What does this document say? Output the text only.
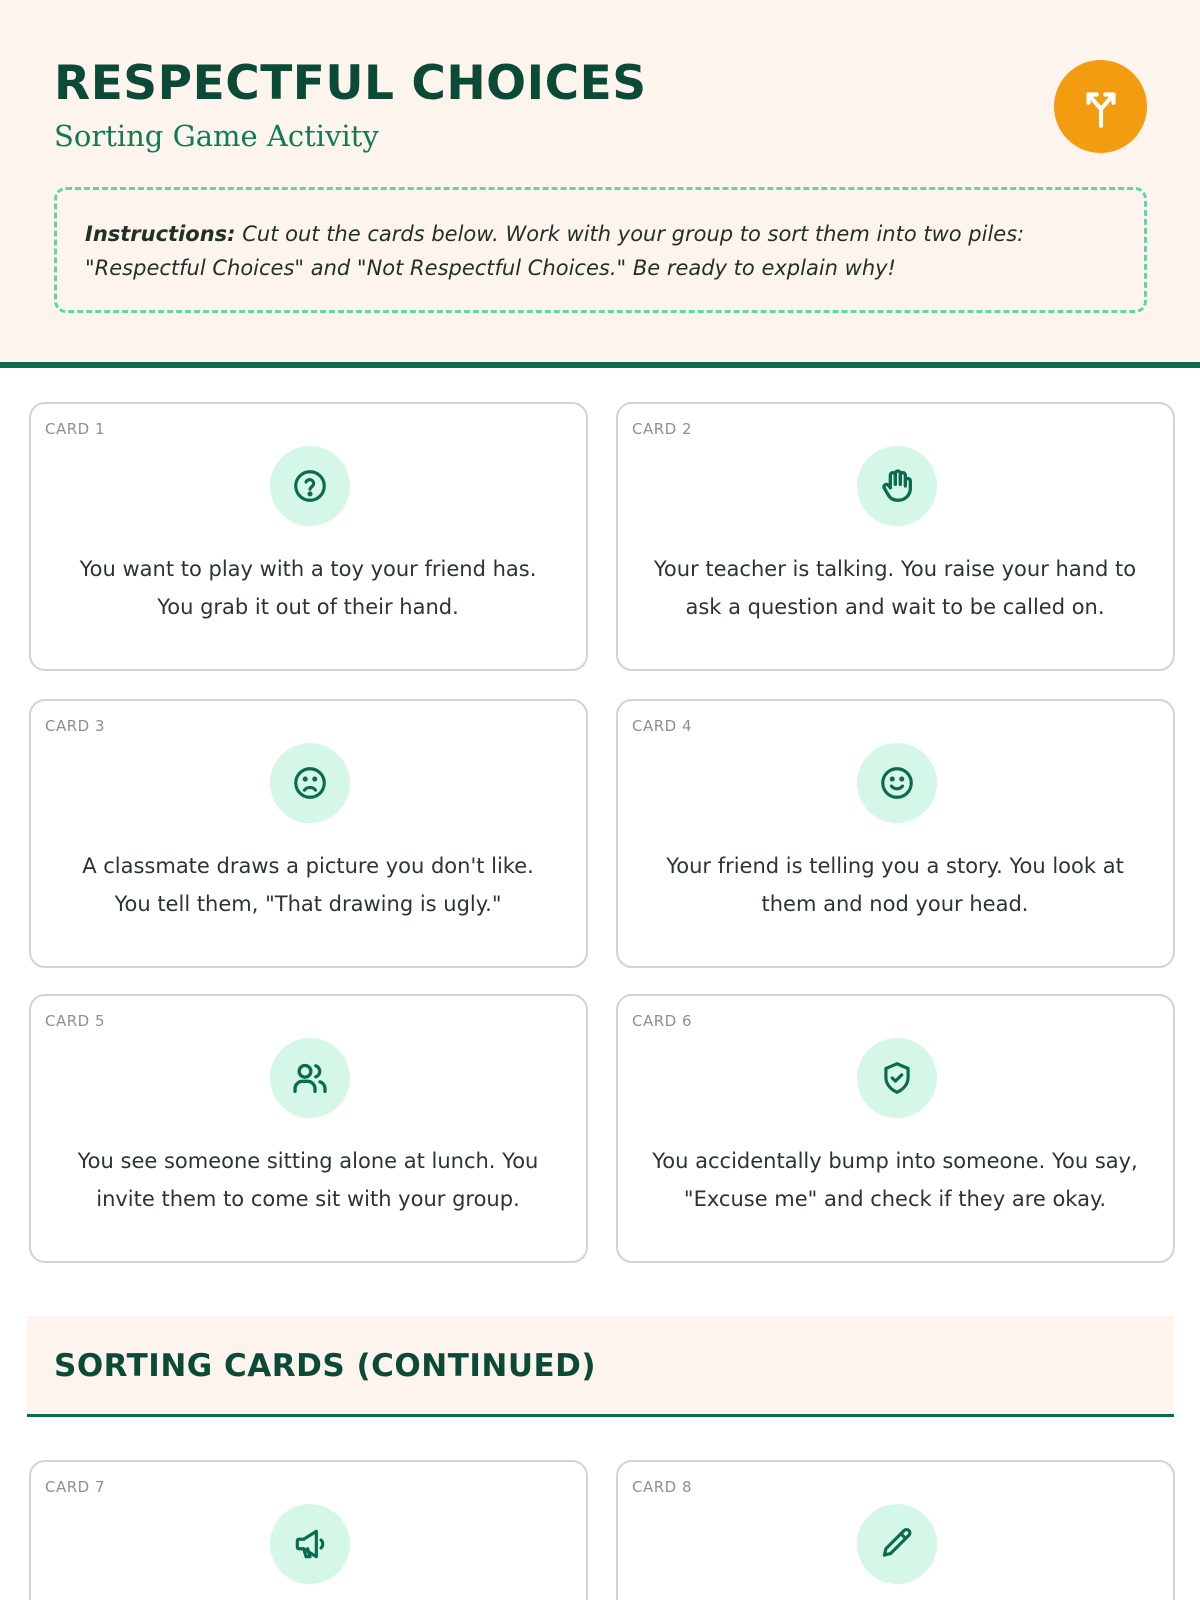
RESPECTFUL CHOICES
Sorting Game Activity
Instructions: Cut out the cards below. Work with your group to sort them into two piles: "Respectful Choices" and "Not Respectful Choices." Be ready to explain why!
CARD 1
You want to play with a toy your friend has. You grab it out of their hand.
CARD 2
Your teacher is talking. You raise your hand to ask a question and wait to be called on.
CARD 3
A classmate draws a picture you don't like. You tell them, "That drawing is ugly."
CARD 4
Your friend is telling you a story. You look at them and nod your head.
CARD 5
You see someone sitting alone at lunch. You invite them to come sit with your group.
CARD 6
You accidentally bump into someone. You say, "Excuse me" and check if they are okay.
SORTING CARDS (CONTINUED)
CARD 7	CARD 8
